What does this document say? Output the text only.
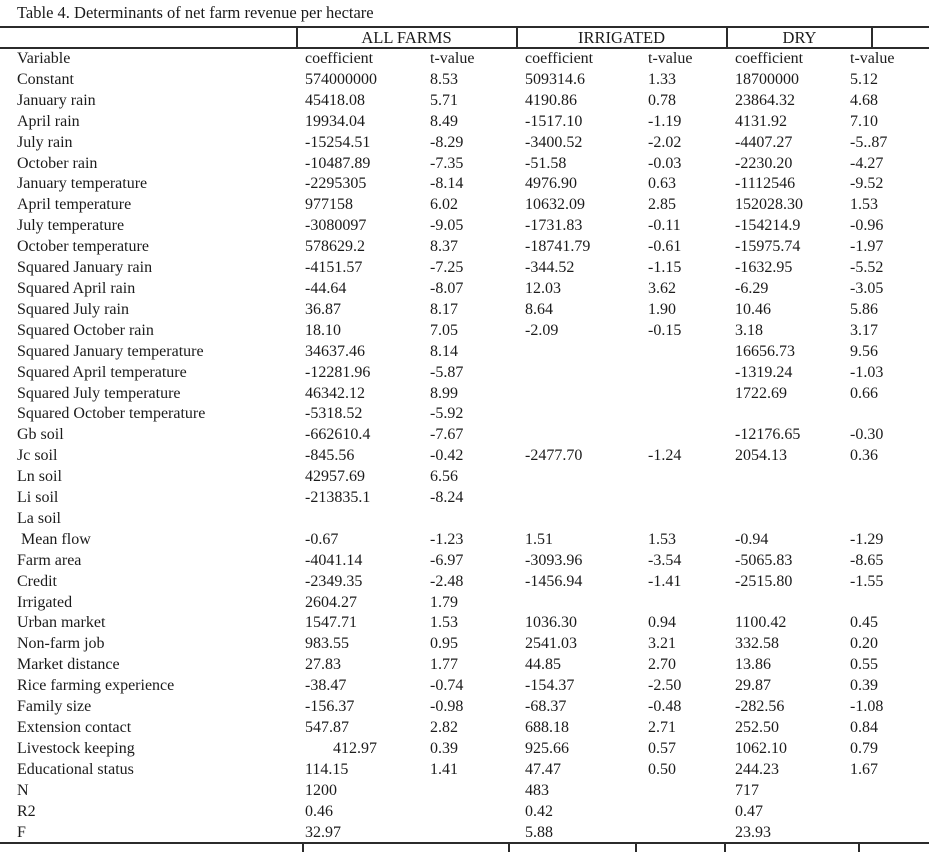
Table 4. Determinants of net farm revenue per hectare
ALL FARMS	IRRIGATED	DRY
Variable	coefficient	t-value	coefficient	t-value	coefficient	t-value
Constant	574000000	8.53	509314.6	1.33	18700000	5.12
January rain	45418.08	5.71	4190.86	0.78	23864.32	4.68
April rain	19934.04	8.49	-1517.10	-1.19	4131.92	7.10
July rain	-15254.51	-8.29	-3400.52	-2.02	-4407.27	-5..87
October rain	-10487.89	-7.35	-51.58	-0.03	-2230.20	-4.27
January temperature	-2295305	-8.14	4976.90	0.63	-1112546	-9.52
April temperature	977158	6.02	10632.09	2.85	152028.30	1.53
July temperature	-3080097	-9.05	-1731.83	-0.11	-154214.9	-0.96
October temperature	578629.2	8.37	-18741.79	-0.61	-15975.74	-1.97
Squared January rain	-4151.57	-7.25	-344.52	-1.15	-1632.95	-5.52
Squared April rain	-44.64	-8.07	12.03	3.62	-6.29	-3.05
Squared July rain	36.87	8.17	8.64	1.90	10.46	5.86
Squared October rain	18.10	7.05	-2.09	-0.15	3.18	3.17
Squared January temperature	34637.46	8.14			16656.73	9.56
Squared April temperature	-12281.96	-5.87			-1319.24	-1.03
Squared July temperature	46342.12	8.99			1722.69	0.66
Squared October temperature	-5318.52	-5.92				
Gb soil	-662610.4	-7.67			-12176.65	-0.30
Jc soil	-845.56	-0.42	-2477.70	-1.24	2054.13	0.36
Ln soil	42957.69	6.56				
Li soil	-213835.1	-8.24				
La soil						
Mean flow	-0.67	-1.23	1.51	1.53	-0.94	-1.29
Farm area	-4041.14	-6.97	-3093.96	-3.54	-5065.83	-8.65
Credit	-2349.35	-2.48	-1456.94	-1.41	-2515.80	-1.55
Irrigated	2604.27	1.79				
Urban market	1547.71	1.53	1036.30	0.94	1100.42	0.45
Non-farm job	983.55	0.95	2541.03	3.21	332.58	0.20
Market distance	27.83	1.77	44.85	2.70	13.86	0.55
Rice farming experience	-38.47	-0.74	-154.37	-2.50	29.87	0.39
Family size	-156.37	-0.98	-68.37	-0.48	-282.56	-1.08
Extension contact	547.87	2.82	688.18	2.71	252.50	0.84
Livestock keeping	412.97	0.39	925.66	0.57	1062.10	0.79
Educational status	114.15	1.41	47.47	0.50	244.23	1.67
N	1200		483		717	
R2	0.46		0.42		0.47	
F	32.97		5.88		23.93	
